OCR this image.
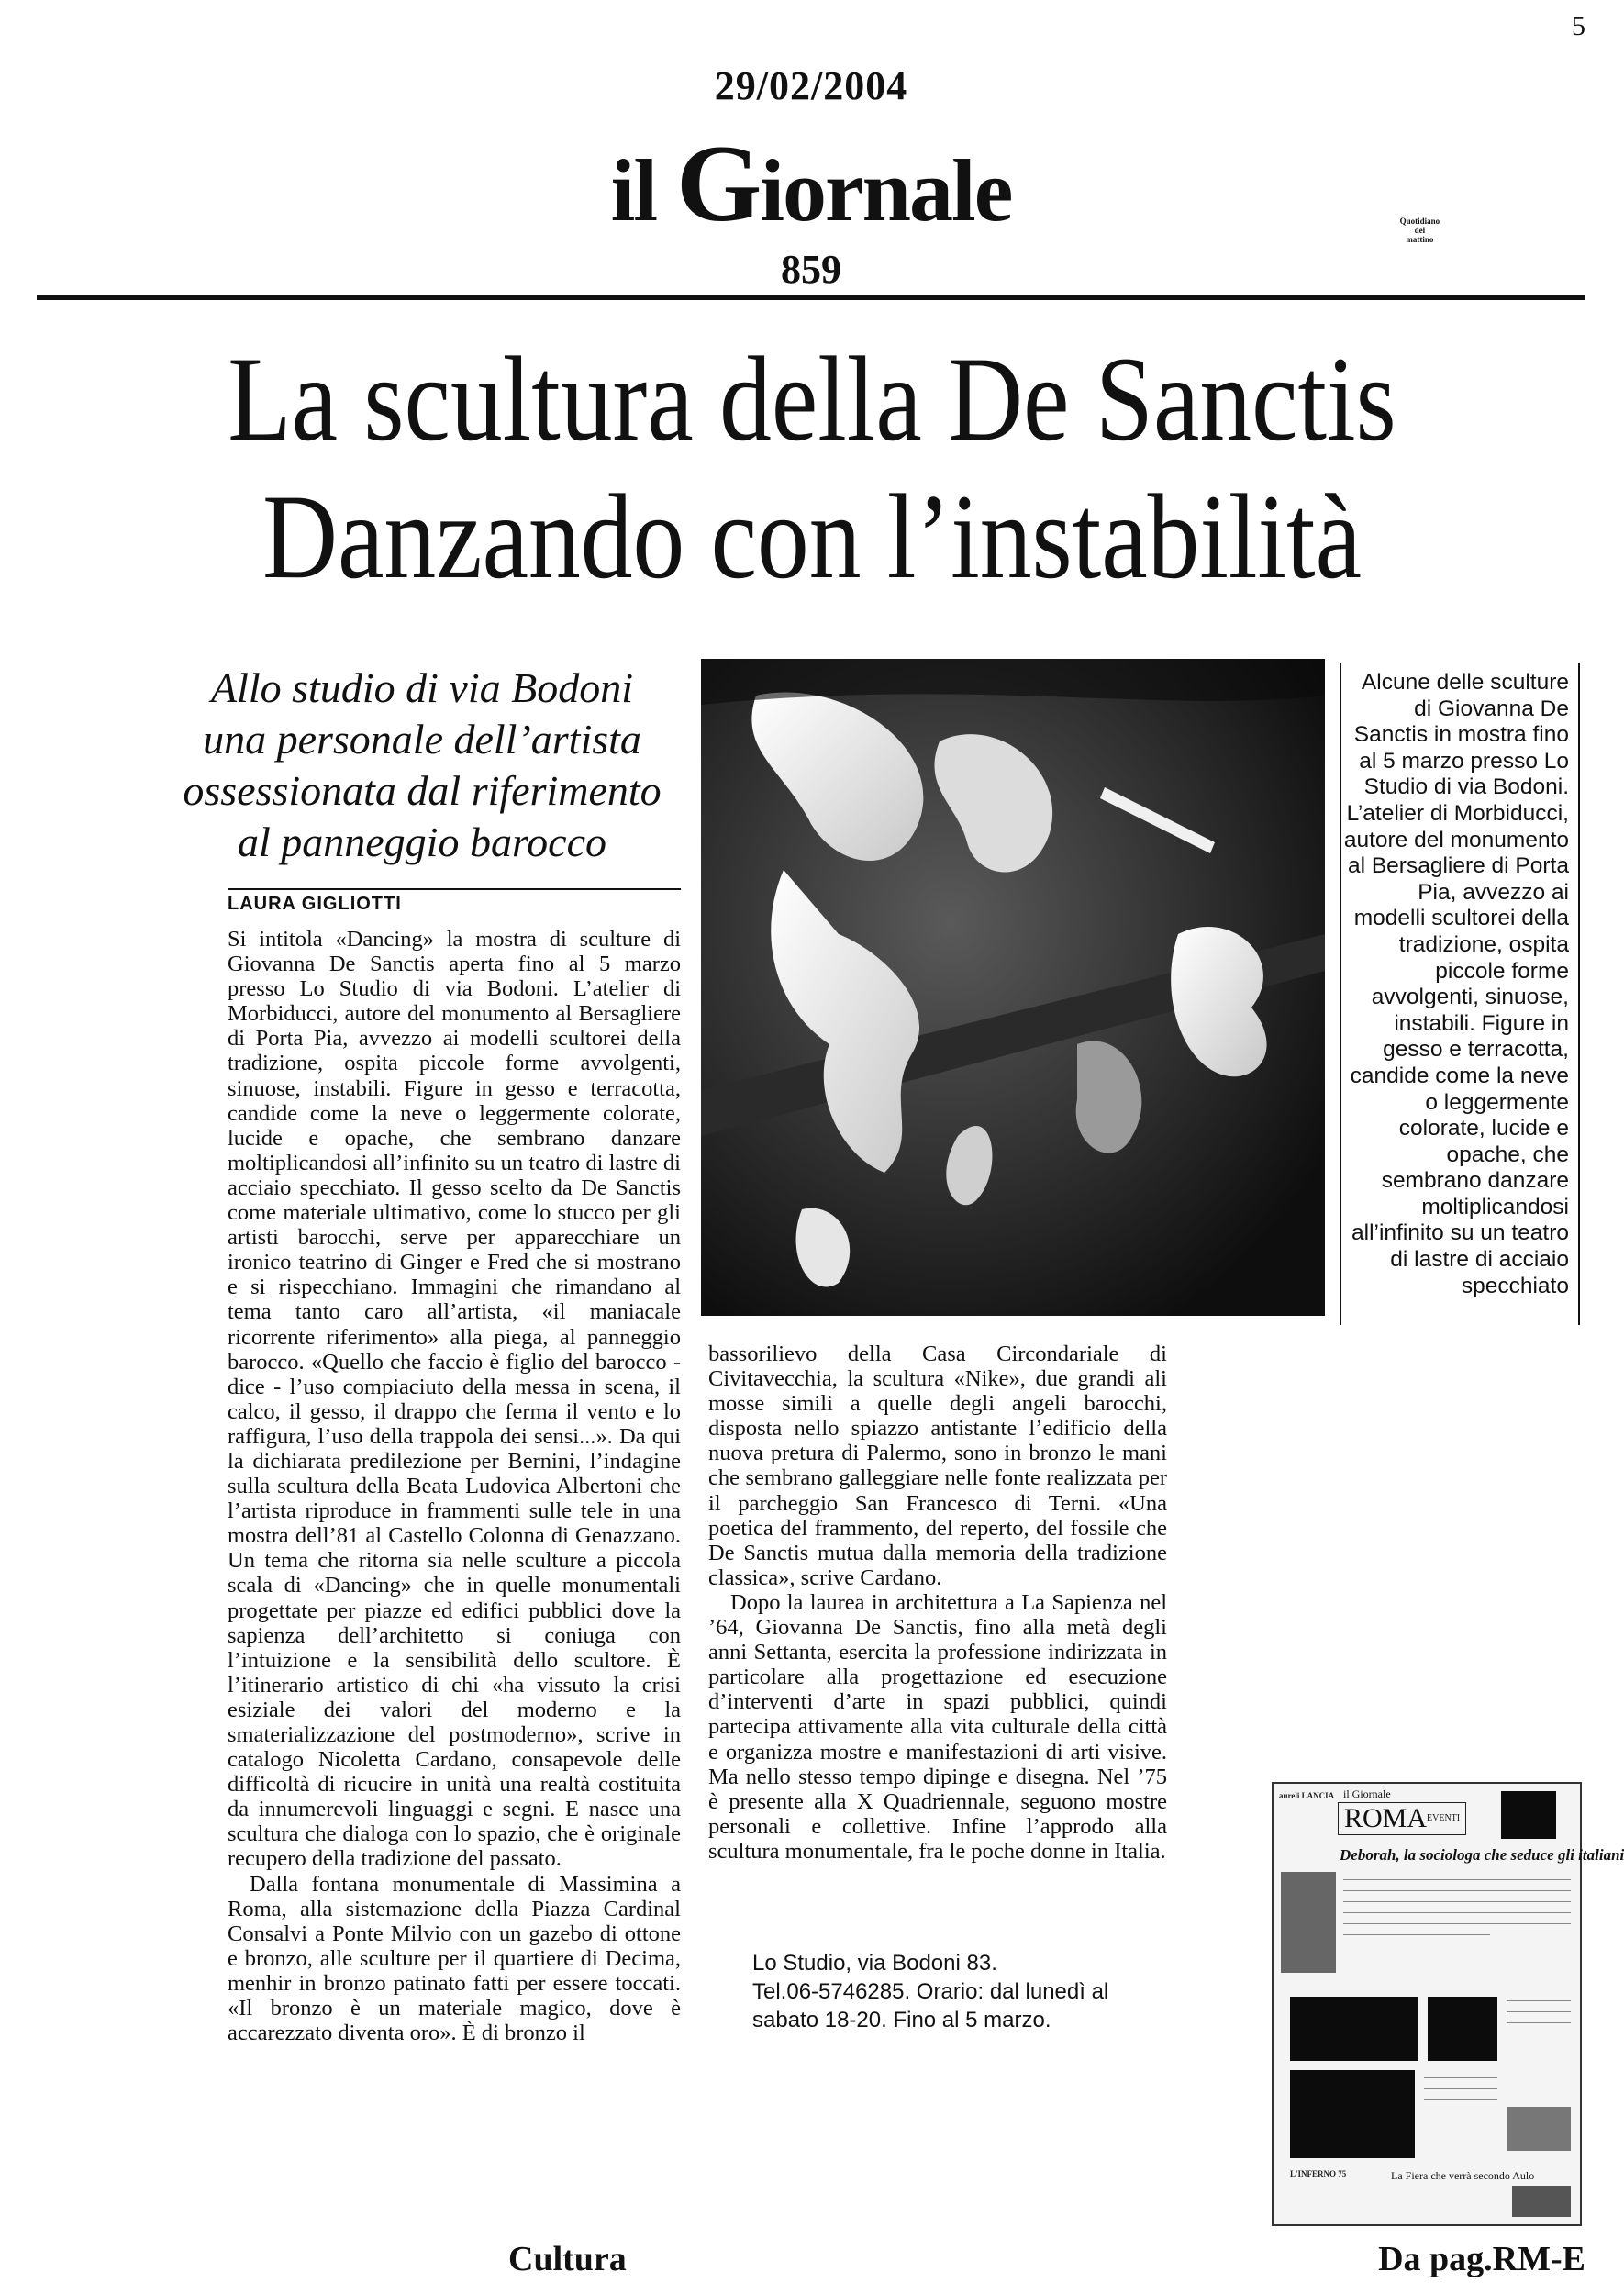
5
29/02/2004
il Giornale	Quotidiano del mattino
859
La scultura della De Sanctis
Danzando con l’instabilità
Allo studio di via Bodoni
una personale dell’artista
ossessionata dal riferimento
al panneggio barocco
LAURA GIGLIOTTI

Si intitola «Dancing» la mostra di sculture di Giovanna De Sanctis aperta fino al 5 marzo presso Lo Studio di via Bodoni. L’atelier di Morbiducci, autore del monumento al Bersagliere di Porta Pia, avvezzo ai modelli scultorei della tradizione, ospita piccole forme avvolgenti, sinuose, instabili. Figure in gesso e terracotta, candide come la neve o leggermente colorate, lucide e opache, che sembrano danzare moltiplicandosi all’infinito su un teatro di lastre di acciaio specchiato. Il gesso scelto da De Sanctis come materiale ultimativo, come lo stucco per gli artisti barocchi, serve per apparecchiare un ironico teatrino di Ginger e Fred che si mostrano e si rispecchiano. Immagini che rimandano al tema tanto caro all’artista, «il maniacale ricorrente riferimento» alla piega, al panneggio barocco. «Quello che faccio è figlio del barocco - dice - l’uso compiaciuto della messa in scena, il calco, il gesso, il drappo che ferma il vento e lo raffigura, l’uso della trappola dei sensi...». Da qui la dichiarata predilezione per Bernini, l’indagine sulla scultura della Beata Ludovica Albertoni che l’artista riproduce in frammenti sulle tele in una mostra dell’81 al Castello Colonna di Genazzano. Un tema che ritorna sia nelle sculture a piccola scala di «Dancing» che in quelle monumentali progettate per piazze ed edifici pubblici dove la sapienza dell’architetto si coniuga con l’intuizione e la sensibilità dello scultore. È l’itinerario artistico di chi «ha vissuto la crisi esiziale dei valori del moderno e la smaterializzazione del postmoderno», scrive in catalogo Nicoletta Cardano, consapevole delle difficoltà di ricucire in unità una realtà costituita da innumerevoli linguaggi e segni. E nasce una scultura che dialoga con lo spazio, che è originale recupero della tradizione del passato.

Dalla fontana monumentale di Massimina a Roma, alla sistemazione della Piazza Cardinal Consalvi a Ponte Milvio con un gazebo di ottone e bronzo, alle sculture per il quartiere di Decima, menhir in bronzo patinato fatti per essere toccati. «Il bronzo è un materiale magico, dove è accarezzato diventa oro». È di bronzo il

Alcune delle sculture di Giovanna De Sanctis in mostra fino al 5 marzo presso Lo Studio di via Bodoni. L’atelier di Morbiducci, autore del monumento al Bersagliere di Porta Pia, avvezzo ai modelli scultorei della tradizione, ospita piccole forme avvolgenti, sinuose, instabili. Figure in gesso e terracotta, candide come la neve o leggermente colorate, lucide e opache, che sembrano danzare moltiplicandosi all’infinito su un teatro di lastre di acciaio specchiato

bassorilievo della Casa Circondariale di Civitavecchia, la scultura «Nike», due grandi ali mosse simili a quelle degli angeli barocchi, disposta nello spiazzo antistante l’edificio della nuova pretura di Palermo, sono in bronzo le mani che sembrano galleggiare nelle fonte realizzata per il parcheggio San Francesco di Terni. «Una poetica del frammento, del reperto, del fossile che De Sanctis mutua dalla memoria della tradizione classica», scrive Cardano.

Dopo la laurea in architettura a La Sapienza nel ’64, Giovanna De Sanctis, fino alla metà degli anni Settanta, esercita la professione indirizzata in particolare alla progettazione ed esecuzione d’interventi d’arte in spazi pubblici, quindi partecipa attivamente alla vita culturale della città e organizza mostre e manifestazioni di arti visive. Ma nello stesso tempo dipinge e disegna. Nel ’75 è presente alla X Quadriennale, seguono mostre personali e collettive. Infine l’approdo alla scultura monumentale, fra le poche donne in Italia.

Lo Studio, via Bodoni 83.
Tel.06-5746285. Orario: dal lunedì al
sabato 18-20. Fino al 5 marzo.
aureli LANCIA il Giornale
$ROMA^{EVENTI}$
Deborah, la sociologa che seduce gli italiani
L'INFERNO 75	La Fiera che verrà secondo Aulo
Cultura	Da pag.RM-E
